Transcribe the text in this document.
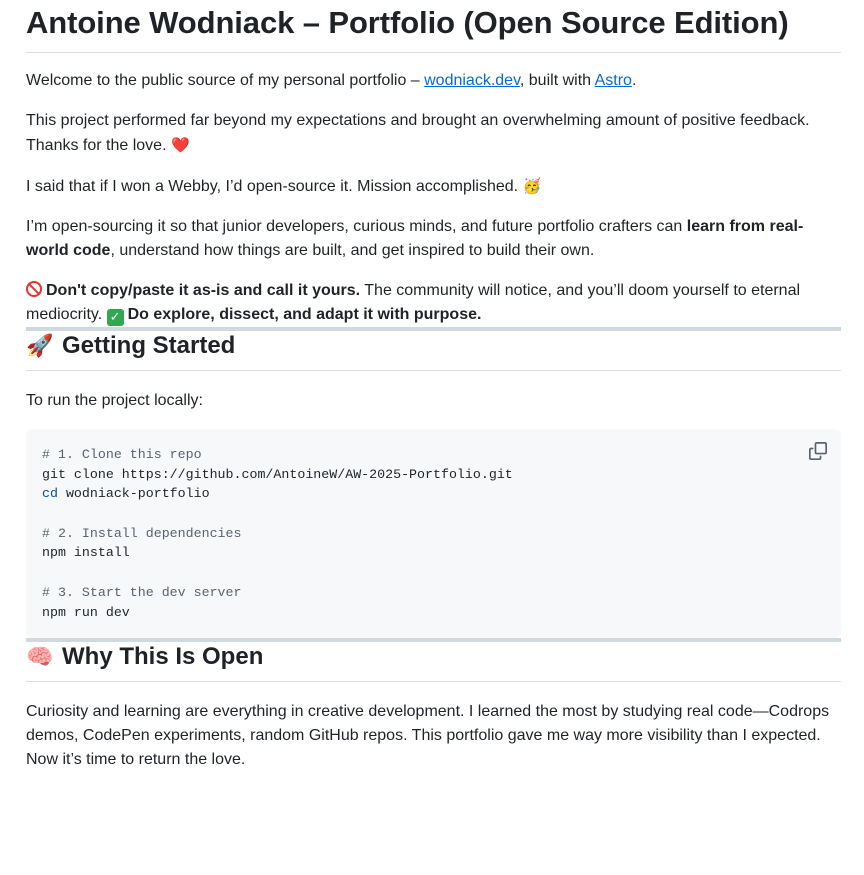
Antoine Wodniack – Portfolio (Open Source Edition)

Welcome to the public source of my personal portfolio – wodniack.dev, built with Astro.

This project performed far beyond my expectations and brought an overwhelming amount of positive feedback. Thanks for the love. ❤️

I said that if I won a Webby, I’d open-source it. Mission accomplished. 🥳

I’m open-sourcing it so that junior developers, curious minds, and future portfolio crafters can learn from real-world code, understand how things are built, and get inspired to build their own.

Don't copy/paste it as-is and call it yours. The community will notice, and you’ll doom yourself to eternal mediocrity. ✓ Do explore, dissect, and adapt it with purpose.

🚀 Getting Started

To run the project locally:

# 1. Clone this repo
git clone https://github.com/AntoineW/AW-2025-Portfolio.git
cd wodniack-portfolio
# 2. Install dependencies
npm install
# 3. Start the dev server
npm run dev
🧠 Why This Is Open

Curiosity and learning are everything in creative development. I learned the most by studying real code—Codrops demos, CodePen experiments, random GitHub repos. This portfolio gave me way more visibility than I expected. Now it’s time to return the love.
